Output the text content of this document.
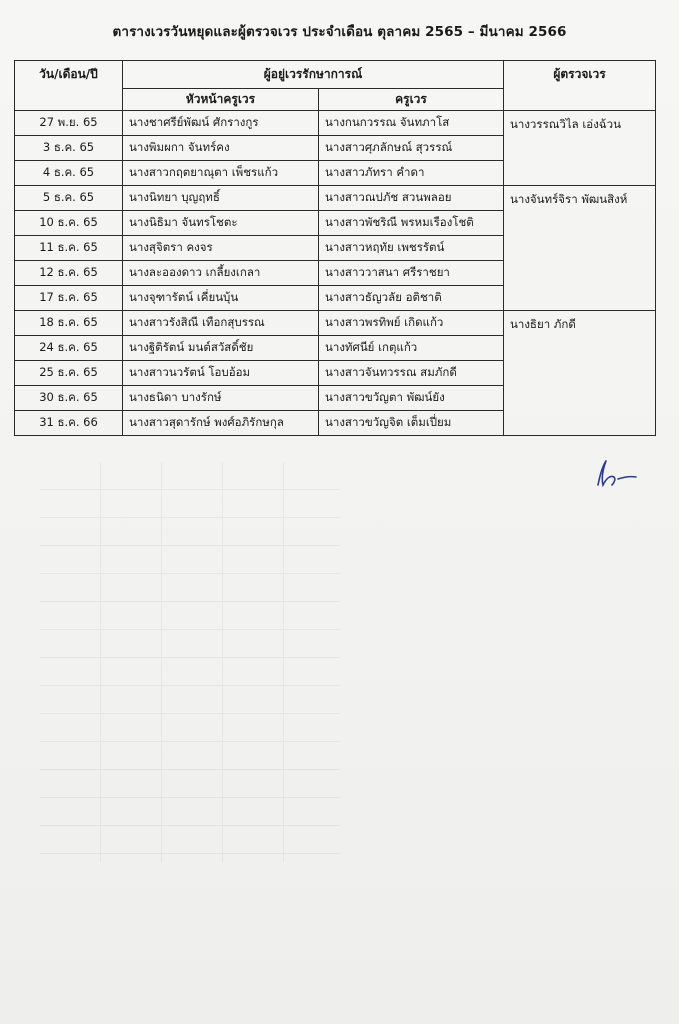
ตารางเวรวันหยุดและผู้ตรวจเวร ประจำเดือน ตุลาคม 2565 – มีนาคม 2566
วัน/เดือน/ปี	ผู้อยู่เวรรักษาการณ์		ผู้ตรวจเวร
	หัวหน้าครูเวร	ครูเวร	
27 พ.ย. 65	นางชาศรีย์พัฒน์ ศักรางกูร	นางกนกวรรณ จันทภาโส	นางวรรณวิไล เอ่งฉ้วน
3 ธ.ค. 65	นางพิมผกา จันทร์คง	นางสาวศุภลักษณ์ สุวรรณ์	
4 ธ.ค. 65	นางสาวกฤตยาณุตา เพ็ชรแก้ว	นางสาวภัทรา คำดา	
5 ธ.ค. 65	นางนิทยา บุญฤทธิ์	นางสาวณปภัช สวนพลอย	นางจันทร์จิรา พัฒนสิงห์
10 ธ.ค. 65	นางนิธิมา จันทรโชตะ	นางสาวพัชริณี พรหมเรืองโชติ	
11 ธ.ค. 65	นางสุจิตรา คงจร	นางสาวหฤทัย เพชรรัตน์	
12 ธ.ค. 65	นางละอองดาว เกลี้ยงเกลา	นางสาววาสนา ศรีราชยา	
17 ธ.ค. 65	นางจุฑารัตน์ เคี่ยนบุ้น	นางสาวธัญวลัย อติชาติ	
18 ธ.ค. 65	นางสาวรังสิณี เทือกสุบรรณ	นางสาวพรทิพย์ เกิดแก้ว	นางธิยา ภักดี
24 ธ.ค. 65	นางฐิติรัตน์ มนต์สวัสดิ์ชัย	นางทัศนีย์ เกตุแก้ว	
25 ธ.ค. 65	นางสาวนวรัตน์ โอบอ้อม	นางสาวจันทวรรณ สมภักดี	
30 ธ.ค. 65	นางธนิดา บางรักษ์	นางสาวขวัญตา พัฒน์ยัง	
31 ธ.ค. 66	นางสาวสุดารักษ์ พงศ์อภิรักษกุล	นางสาวขวัญจิต เต็มเปี่ยม	
